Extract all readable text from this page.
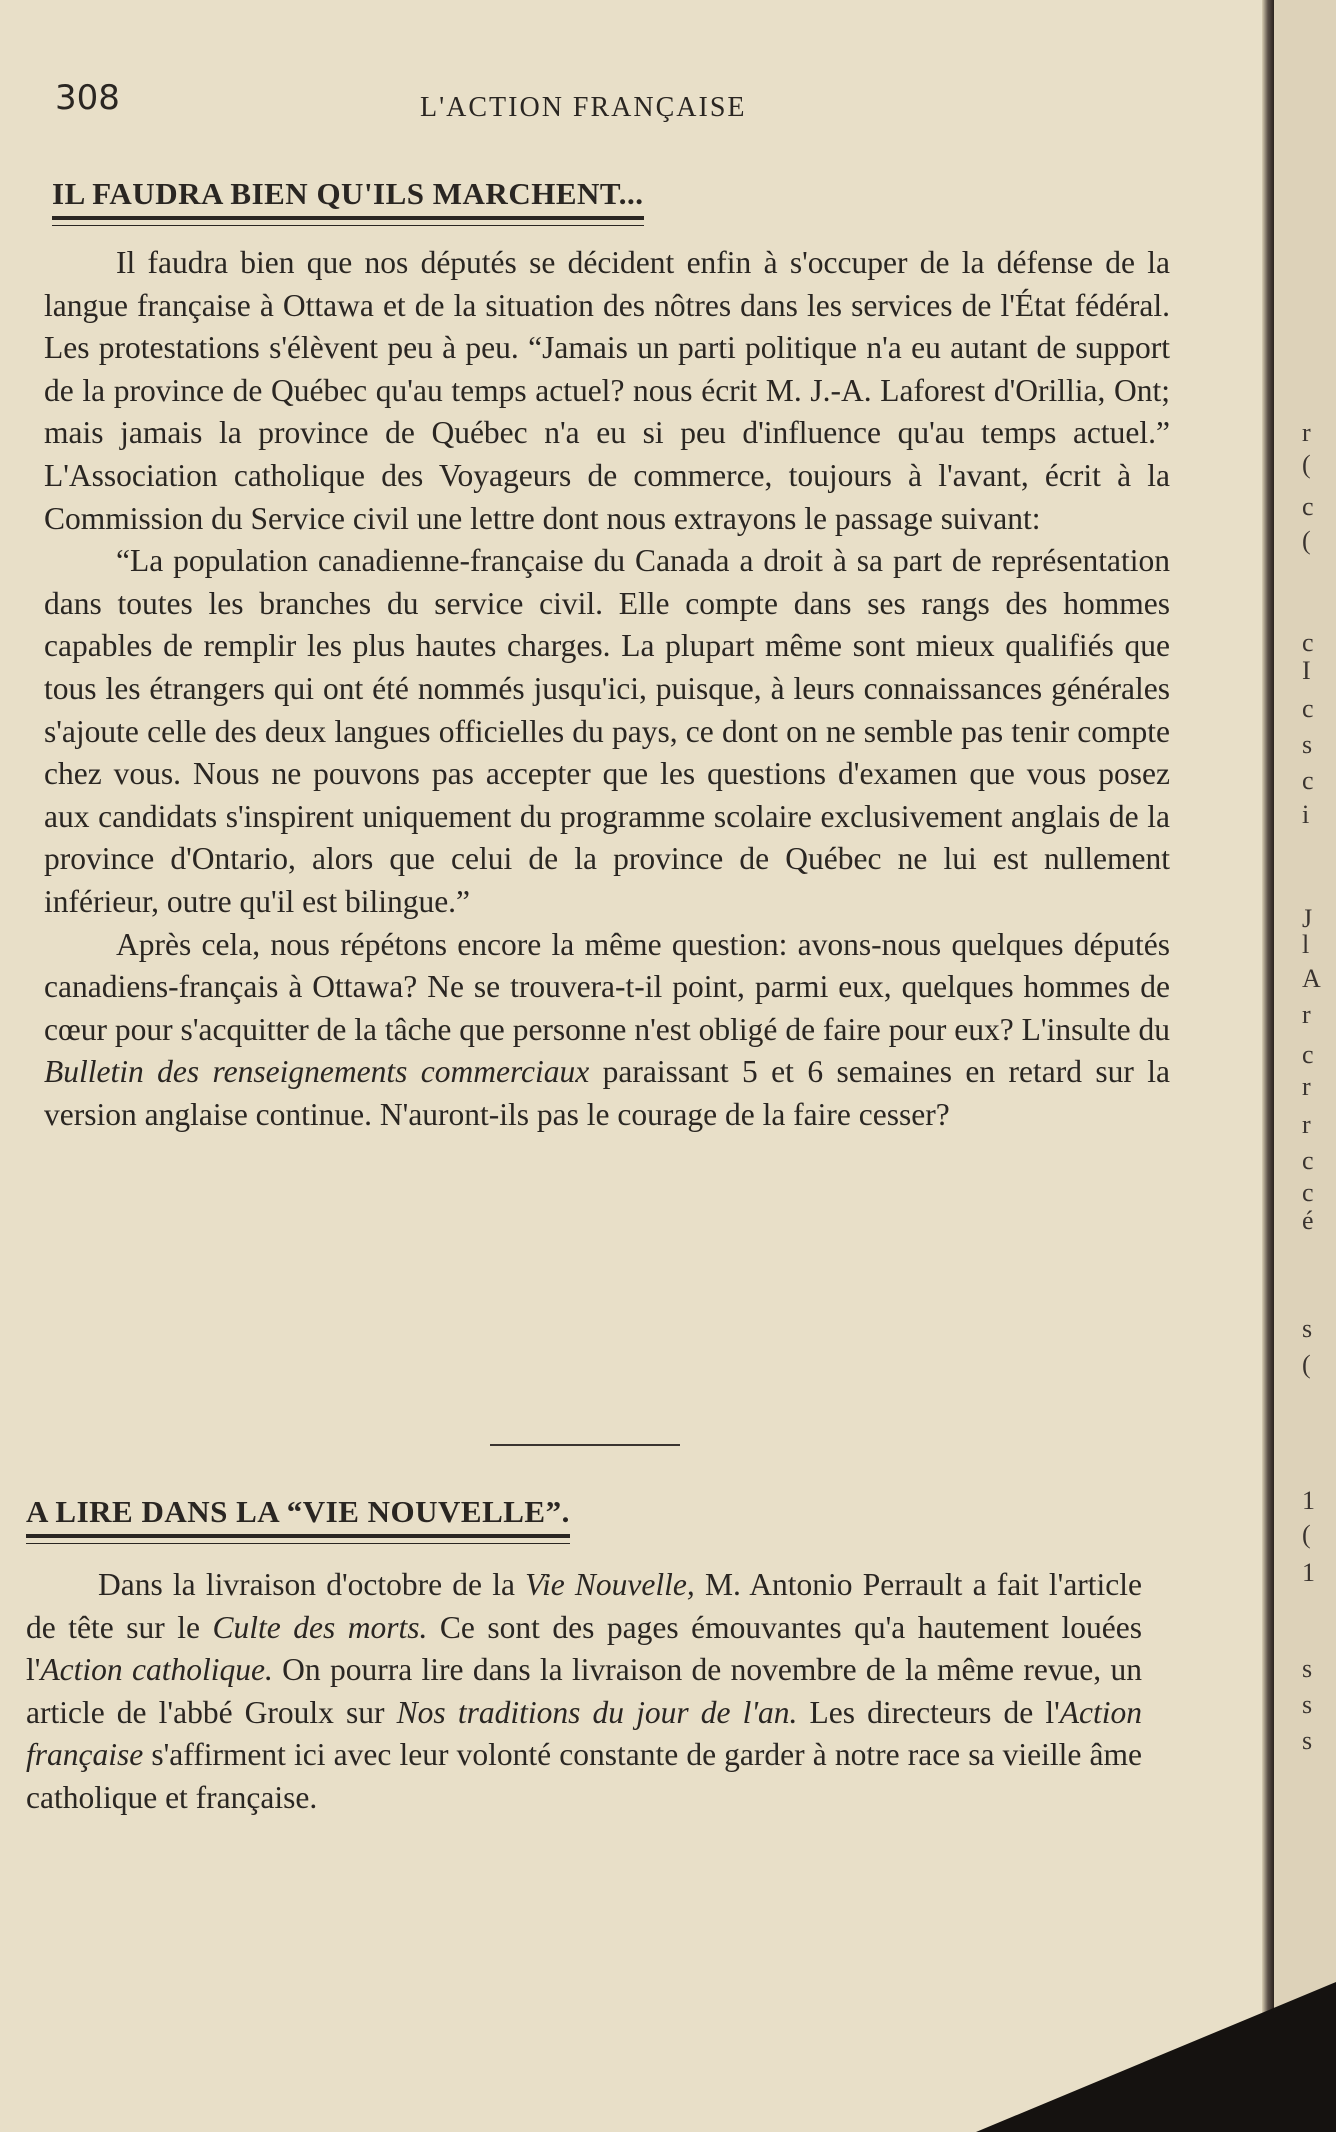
308	L'ACTION FRANÇAISE
IL FAUDRA BIEN QU'ILS MARCHENT...

Il faudra bien que nos députés se décident enfin à s'occuper de la défense de la langue française à Ottawa et de la situation des nôtres dans les services de l'État fédéral. Les protestations s'élèvent peu à peu. “Jamais un parti politique n'a eu autant de support de la province de Québec qu'au temps actuel? nous écrit M. J.-A. Laforest d'Orillia, Ont; mais jamais la province de Québec n'a eu si peu d'influence qu'au temps actuel.” L'Association catholique des Voyageurs de commerce, toujours à l'avant, écrit à la Commission du Service civil une lettre dont nous extrayons le passage suivant:

“La population canadienne-française du Canada a droit à sa part de représentation dans toutes les branches du service civil. Elle compte dans ses rangs des hommes capables de remplir les plus hautes charges. La plupart même sont mieux qualifiés que tous les étrangers qui ont été nommés jusqu'ici, puisque, à leurs connaissances générales s'ajoute celle des deux langues officielles du pays, ce dont on ne semble pas tenir compte chez vous. Nous ne pouvons pas accepter que les questions d'examen que vous posez aux candidats s'inspirent uniquement du programme scolaire exclusivement anglais de la province d'Ontario, alors que celui de la province de Québec ne lui est nullement inférieur, outre qu'il est bilingue.”

Après cela, nous répétons encore la même question: avons-nous quelques députés canadiens-français à Ottawa? Ne se trouvera-t-il point, parmi eux, quelques hommes de cœur pour s'acquitter de la tâche que personne n'est obligé de faire pour eux? L'insulte du Bulletin des renseignements commerciaux paraissant 5 et 6 semaines en retard sur la version anglaise continue. N'auront-ils pas le courage de la faire cesser?

A LIRE DANS LA “VIE NOUVELLE”.

Dans la livraison d'octobre de la Vie Nouvelle, M. Antonio Perrault a fait l'article de tête sur le Culte des morts. Ce sont des pages émouvantes qu'a hautement louées l'Action catholique. On pourra lire dans la livraison de novembre de la même revue, un article de l'abbé Groulx sur Nos traditions du jour de l'an. Les directeurs de l'Action française s'affirment ici avec leur volonté constante de garder à notre race sa vieille âme catholique et française.

r
(
c
(
c
I
c
s
c
i
J
l
A
r
c
r
r
c
c
é
s
(
1
(
1
s
s
s
